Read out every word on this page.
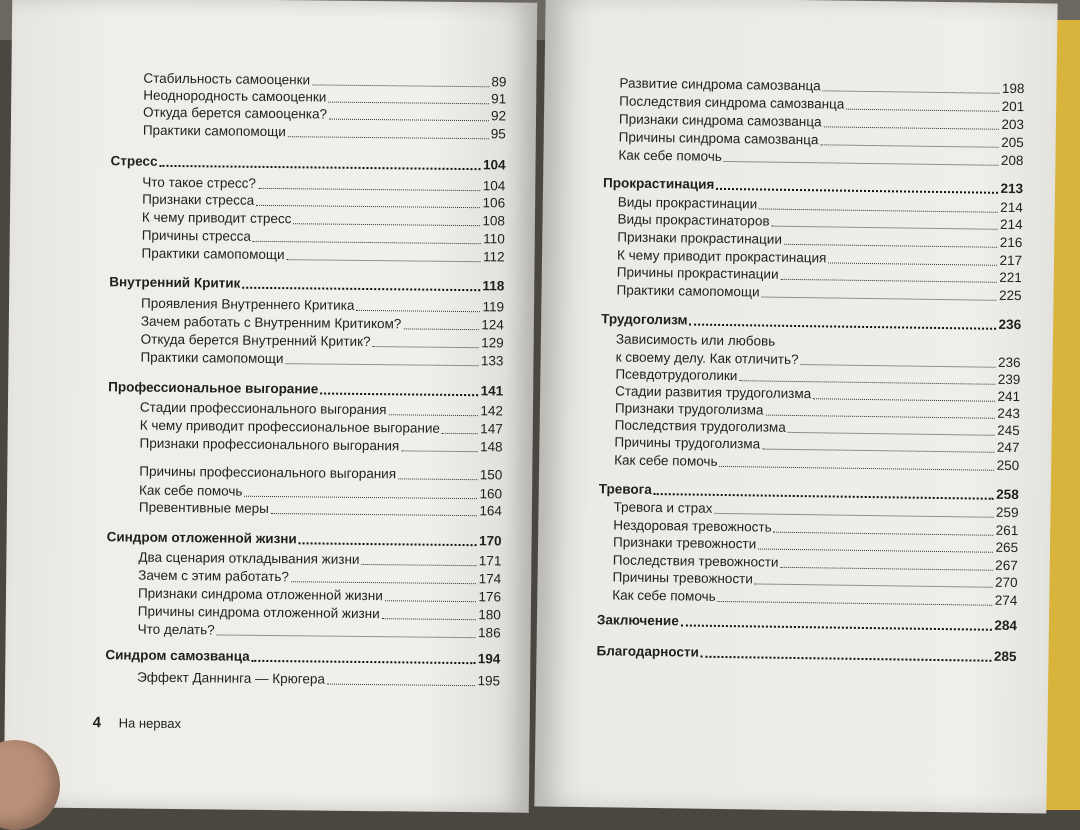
4 На нервах
Стабильность самооценки	89
Неоднородность самооценки	91
Откуда берется самооценка?	92
Практики самопомощи	95
Стресс	104
Что такое стресс?	104
Признаки стресса	106
К чему приводит стресс	108
Причины стресса	110
Практики самопомощи	112
Внутренний Критик	118
Проявления Внутреннего Критика	119
Зачем работать с Внутренним Критиком?	124
Откуда берется Внутренний Критик?	129
Практики самопомощи	133
Профессиональное выгорание	141
Стадии профессионального выгорания	142
К чему приводит профессиональное выгорание	147
Признаки профессионального выгорания	148
Причины профессионального выгорания	150
Как себе помочь	160
Превентивные меры	164
Синдром отложенной жизни	170
Два сценария откладывания жизни	171
Зачем с этим работать?	174
Признаки синдрома отложенной жизни	176
Причины синдрома отложенной жизни	180
Что делать?	186
Синдром самозванца	194
Эффект Даннинга — Крюгера	195
Развитие синдрома самозванца	198
Последствия синдрома самозванца	201
Признаки синдрома самозванца	203
Причины синдрома самозванца	205
Как себе помочь	208
Прокрастинация	213
Виды прокрастинации	214
Виды прокрастинаторов	214
Признаки прокрастинации	216
К чему приводит прокрастинация	217
Причины прокрастинации	221
Практики самопомощи	225
Трудоголизм	236
Зависимость или любовь
к своему делу. Как отличить?	236
Псевдотрудоголики	239
Стадии развития трудоголизма	241
Признаки трудоголизма	243
Последствия трудоголизма	245
Причины трудоголизма	247
Как себе помочь	250
Тревога	258
Тревога и страх	259
Нездоровая тревожность	261
Признаки тревожности	265
Последствия тревожности	267
Причины тревожности	270
Как себе помочь	274
Заключение	284
Благодарности	285
